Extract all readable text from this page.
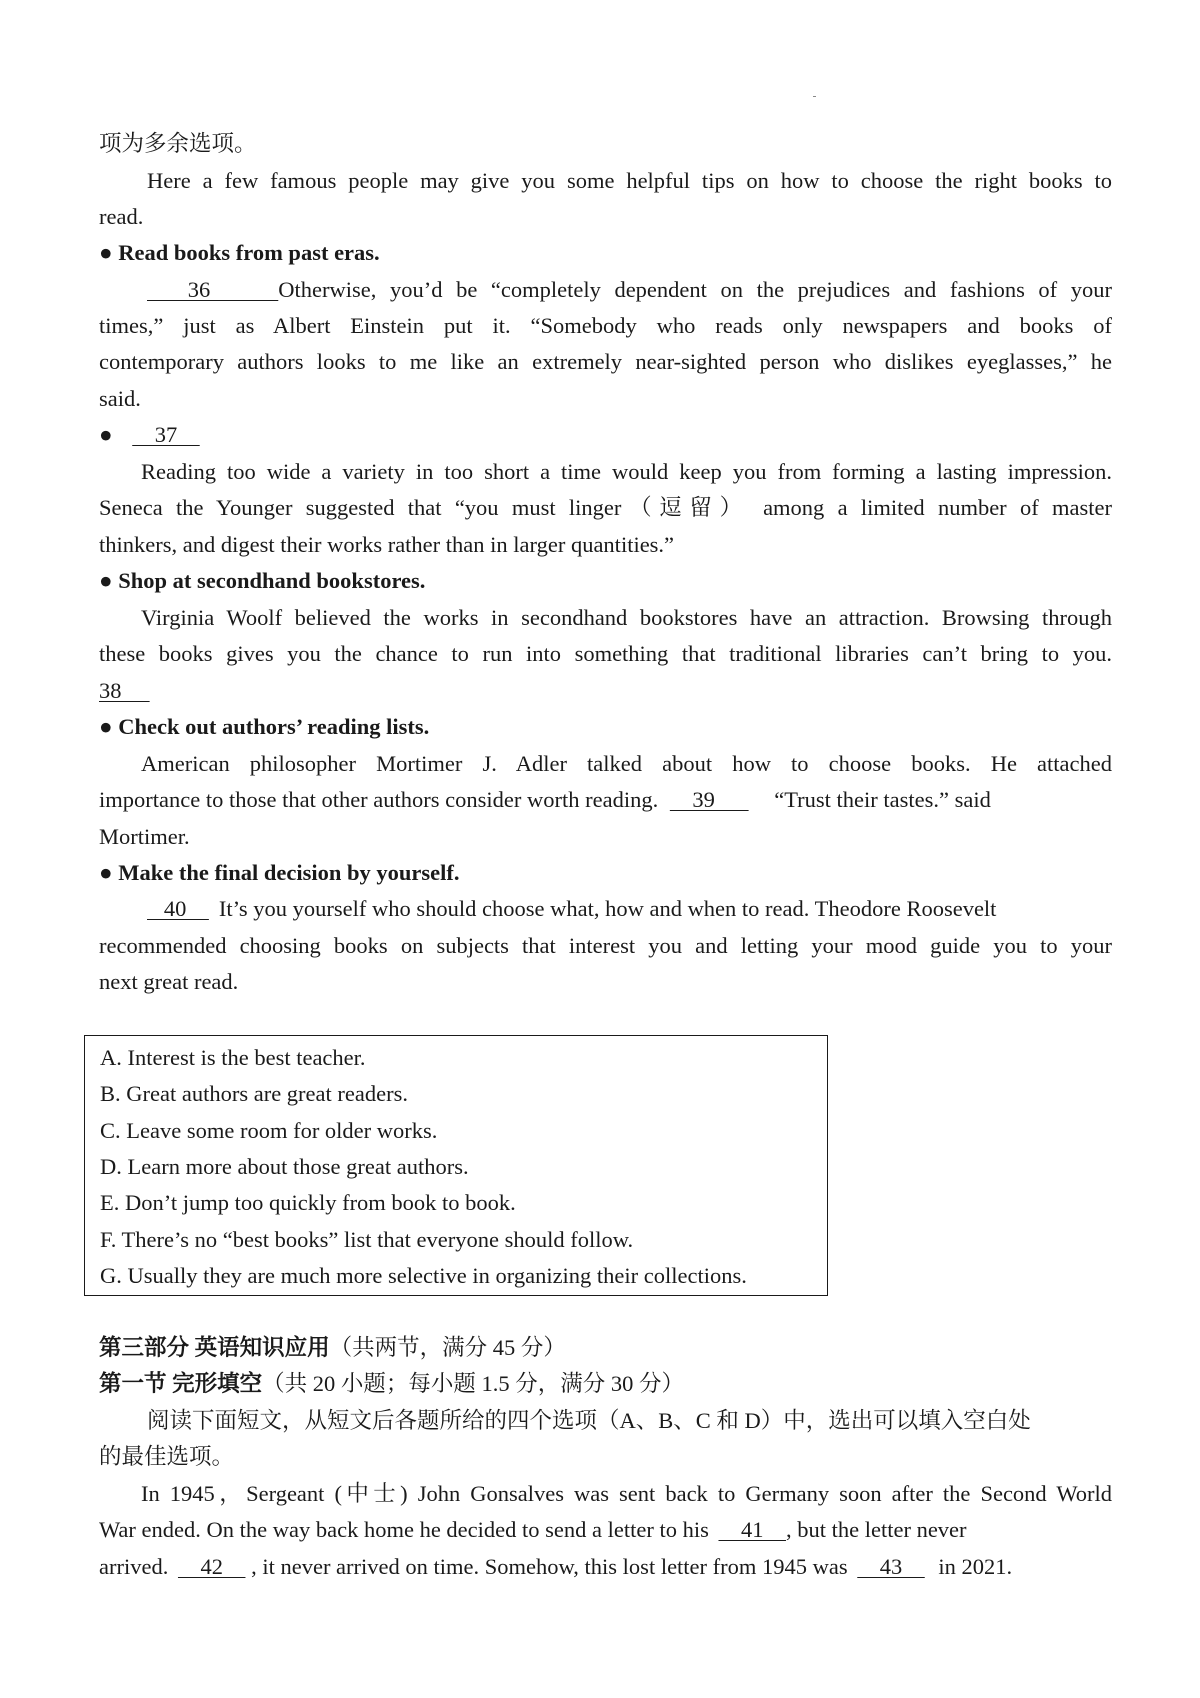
项为多余选项。
Here a few famous people may give you some helpful tips on how to choose the right books to
read.
● Read books from past eras.
36     Otherwise, you’d be “completely dependent on the prejudices and fashions of your
times,” just as Albert Einstein put it. “Somebody who reads only newspapers and books of
contemporary authors looks to me like an extremely near-sighted person who dislikes eyeglasses,” he
said.
●     37
Reading too wide a variety in too short a time would keep you from forming a lasting impression.
Seneca the Younger suggested that “you must linger（逗留） among a limited number of master
thinkers, and digest their works rather than in larger quantities.”
● Shop at secondhand bookstores.
Virginia Woolf believed the works in secondhand bookstores have an attraction. Browsing through
these books gives you the chance to run into something that traditional libraries can’t bring to you.
38
● Check out authors’ reading lists.
American philosopher Mortimer J. Adler talked about how to choose books. He attached
importance to those that other authors consider worth reading.     39       “Trust their tastes.” said
Mortimer.
● Make the final decision by yourself.
40    It’s you yourself who should choose what, how and when to read. Theodore Roosevelt
recommended choosing books on subjects that interest you and letting your mood guide you to your
next great read.
A. Interest is the best teacher.
B. Great authors are great readers.
C. Leave some room for older works.
D. Learn more about those great authors.
E. Don’t jump too quickly from book to book.
F. There’s no “best books” list that everyone should follow.
G. Usually they are much more selective in organizing their collections.
第三部分 英语知识应用（共两节，满分 45 分）
第一节 完形填空（共 20 小题；每小题 1.5 分，满分 30 分）
阅读下面短文，从短文后各题所给的四个选项（A、B、C 和 D）中，选出可以填入空白处
的最佳选项。
In 1945，Sergeant (中士) John Gonsalves was sent back to Germany soon after the Second World
War ended. On the way back home he decided to send a letter to his     41    , but the letter never
arrived.     42     , it never arrived on time. Somehow, this lost letter from 1945 was     43     in 2021.
